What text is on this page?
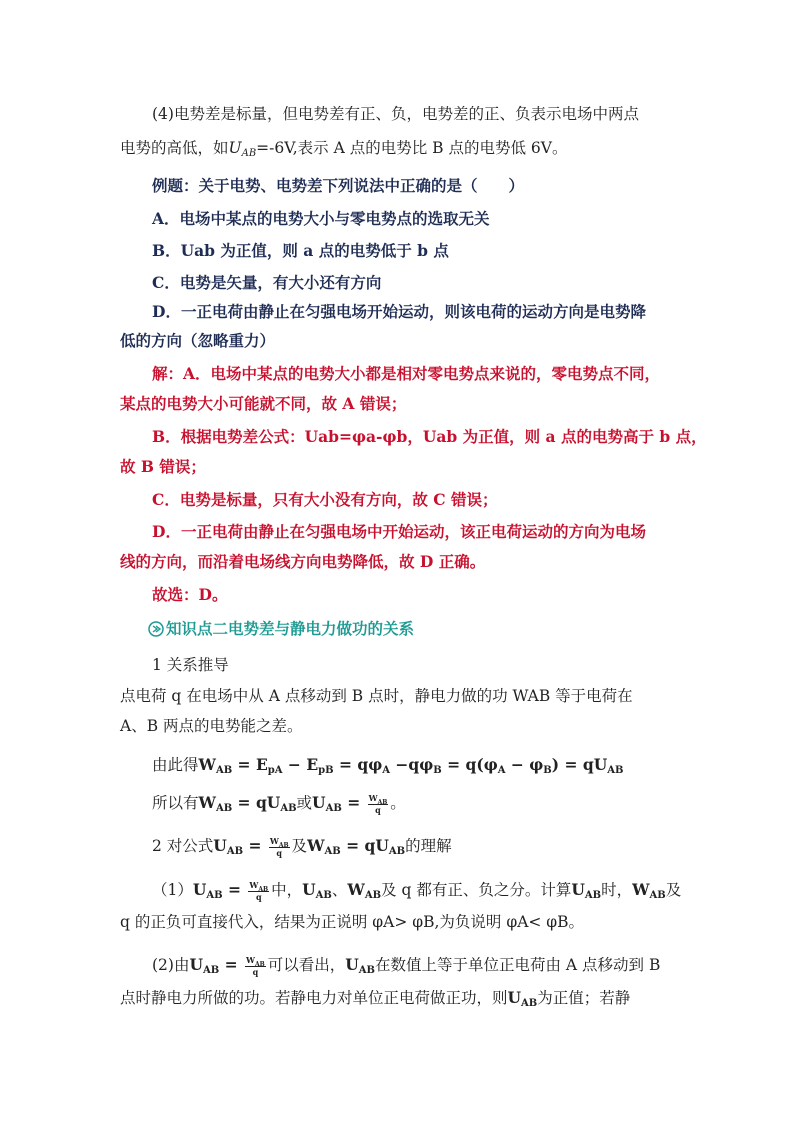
(4)电势差是标量，但电势差有正、负，电势差的正、负表示电场中两点
电势的高低，如$U_{AB}=-6V$,表示 A 点的电势比 B 点的电势低 6V。
例题：关于电势、电势差下列说法中正确的是（　　）
A．电场中某点的电势大小与零电势点的选取无关
B．Uab 为正值，则 a 点的电势低于 b 点
C．电势是矢量，有大小还有方向
D．一正电荷由静止在匀强电场开始运动，则该电荷的运动方向是电势降
低的方向（忽略重力）
解：A．电场中某点的电势大小都是相对零电势点来说的，零电势点不同，
某点的电势大小可能就不同，故 A 错误；
B．根据电势差公式：Uab=φa-φb，Uab 为正值，则 a 点的电势高于 b 点，
故 B 错误；
C．电势是标量，只有大小没有方向，故 C 错误；
D．一正电荷由静止在匀强电场中开始运动，该正电荷运动的方向为电场
线的方向，而沿着电场线方向电势降低，故 D 正确。
故选：D。
知识点二电势差与静电力做功的关系
1 关系推导
点电荷 q 在电场中从 A 点移动到 B 点时，静电力做的功 WAB 等于电荷在
A、B 两点的电势能之差。
由此得$W_{AB} = E_{pA} - E_{pB} = q\varphi_A -q\varphi_B = q(\varphi_A - \varphi_B) = qU_{AB}$
所以有$W_{AB} = qU_{AB}$或$U_{AB} = \frac{W_{AB}}{q}$ 。
2 对公式$U_{AB} = \frac{W_{AB}}{q}$ 及$W_{AB} = qU_{AB}$的理解
$(1)U_{AB} = \frac{W_{AB}}{q}$ 中，$U_{AB}$、$W_{AB}$及 q 都有正、负之分。计算$U_{AB}$时，$W_{AB}$及
q 的正负可直接代入，结果为正说明 φA> φB,为负说明 φA< φB。
(2)由$U_{AB} = \frac{W_{AB}}{q}$ 可以看出，$U_{AB}$在数值上等于单位正电荷由 A 点移动到 B
点时静电力所做的功。若静电力对单位正电荷做正功，则$U_{AB}$为正值；若静
